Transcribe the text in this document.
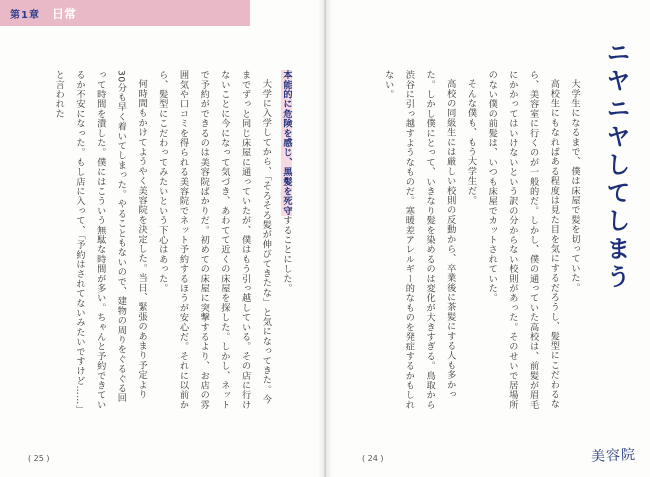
第1章 日常

本能的に危険を感じ、黒髪を死守することにした。

大学に入学してから、「そろそろ髪が伸びてきたな」と気になってきた。今までずっと同じ床屋に通っていたが、僕はもう引っ越している。その店に行けないことに今になって気づき、あわてて近くの床屋を探した。しかし、ネットで予約ができるのは美容院ばかりだ。初めての床屋に突撃するより、お店の雰囲気や口コミを得られる美容院でネット予約するほうが安心だ。それに以前から、髪型にこだわってみたいという下心はあった。

何時間もかけてようやく美容院を決定した。当日、緊張のあまり予定より30分も早く着いてしまった。やることもないので、建物の周りをぐるぐる回って時間を潰した。僕にはこういう無駄な時間が多い。ちゃんと予約できているか不安になった。もし店に入って、「予約はされてないみたいですけど……」と言われた

( 25 )
ニヤニヤしてしまう

大学生になるまで、僕は床屋で髪を切っていた。

高校生にもなればある程度は見た目を気にするだろうし、髪型にこだわるなら、美容室に行くのが一般的だ。しかし、僕の通っていた高校は、前髪が眉毛にかかってはいけないという訳の分からない校則があった。そのせいで居場所のない僕の前髪は、いつも床屋でカットされていた。

そんな僕も、もう大学生だ。

高校の同級生には厳しい校則の反動から、卒業後に茶髪にする人も多かった。しかし僕にとって、いきなり髪を染めるのは変化が大きすぎる。鳥取から渋谷に引っ越すようなものだ。寒暖差アレルギー的なものを発症するかもしれない。

( 24 )	美容院
